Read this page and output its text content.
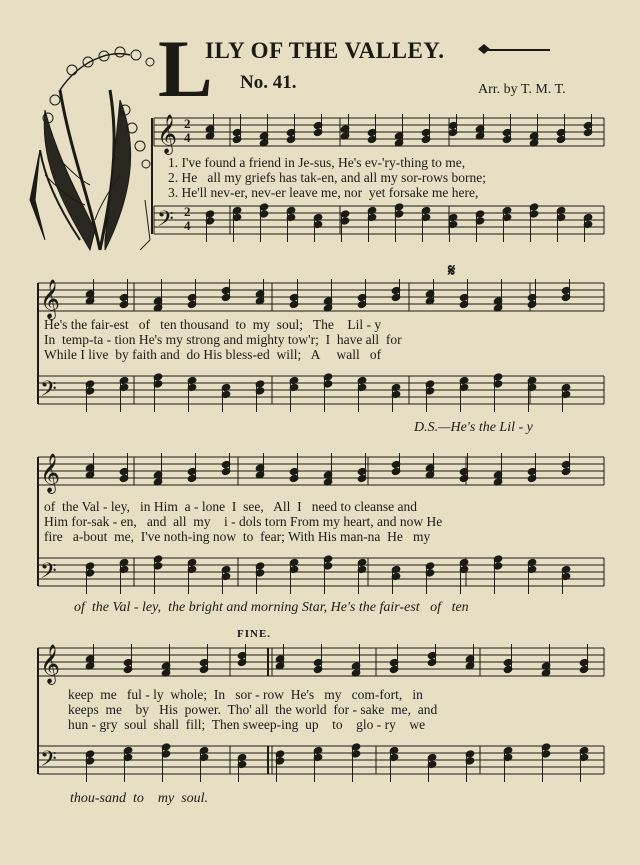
𝄞
𝄢
𝄞
𝄢
𝄞
𝄢
𝄞
𝄢
L
ILY OF THE VALLEY.
No. 41.	Arr. by T. M. T.
1. I've found a friend in Je-sus, He's ev-'ry-thing to me,
2. He   all my griefs has tak-en, and all my sor-rows borne;
3. He'll nev-er, nev-er leave me, nor  yet forsake me here,
He's the fair-est   of   ten thousand  to  my  soul;   The    Lil - y
In  temp-ta - tion He's my strong and mighty tow'r;  I  have all  for
While I live  by faith and  do His bless-ed  will;   A     wall   of
D.S.—He's the Lil - y
𝄋
of  the Val - ley,   in Him  a - lone  I  see,   All  I   need to cleanse and
Him for-sak - en,   and  all  my    i - dols torn From my heart, and now He
fire   a-bout  me,  I've noth-ing now  to  fear; With His man-na  He   my
of  the Val - ley,  the bright and morning Star, He's the fair-est   of   ten
FINE.
keep  me   ful - ly  whole;  In   sor - row  He's   my   com-fort,   in
keeps  me    by   His  power.  Tho' all  the world  for - sake  me,  and
hun - gry  soul  shall  fill;  Then sweep-ing  up    to    glo - ry    we
thou-sand  to    my  soul.
2
4
2
4
